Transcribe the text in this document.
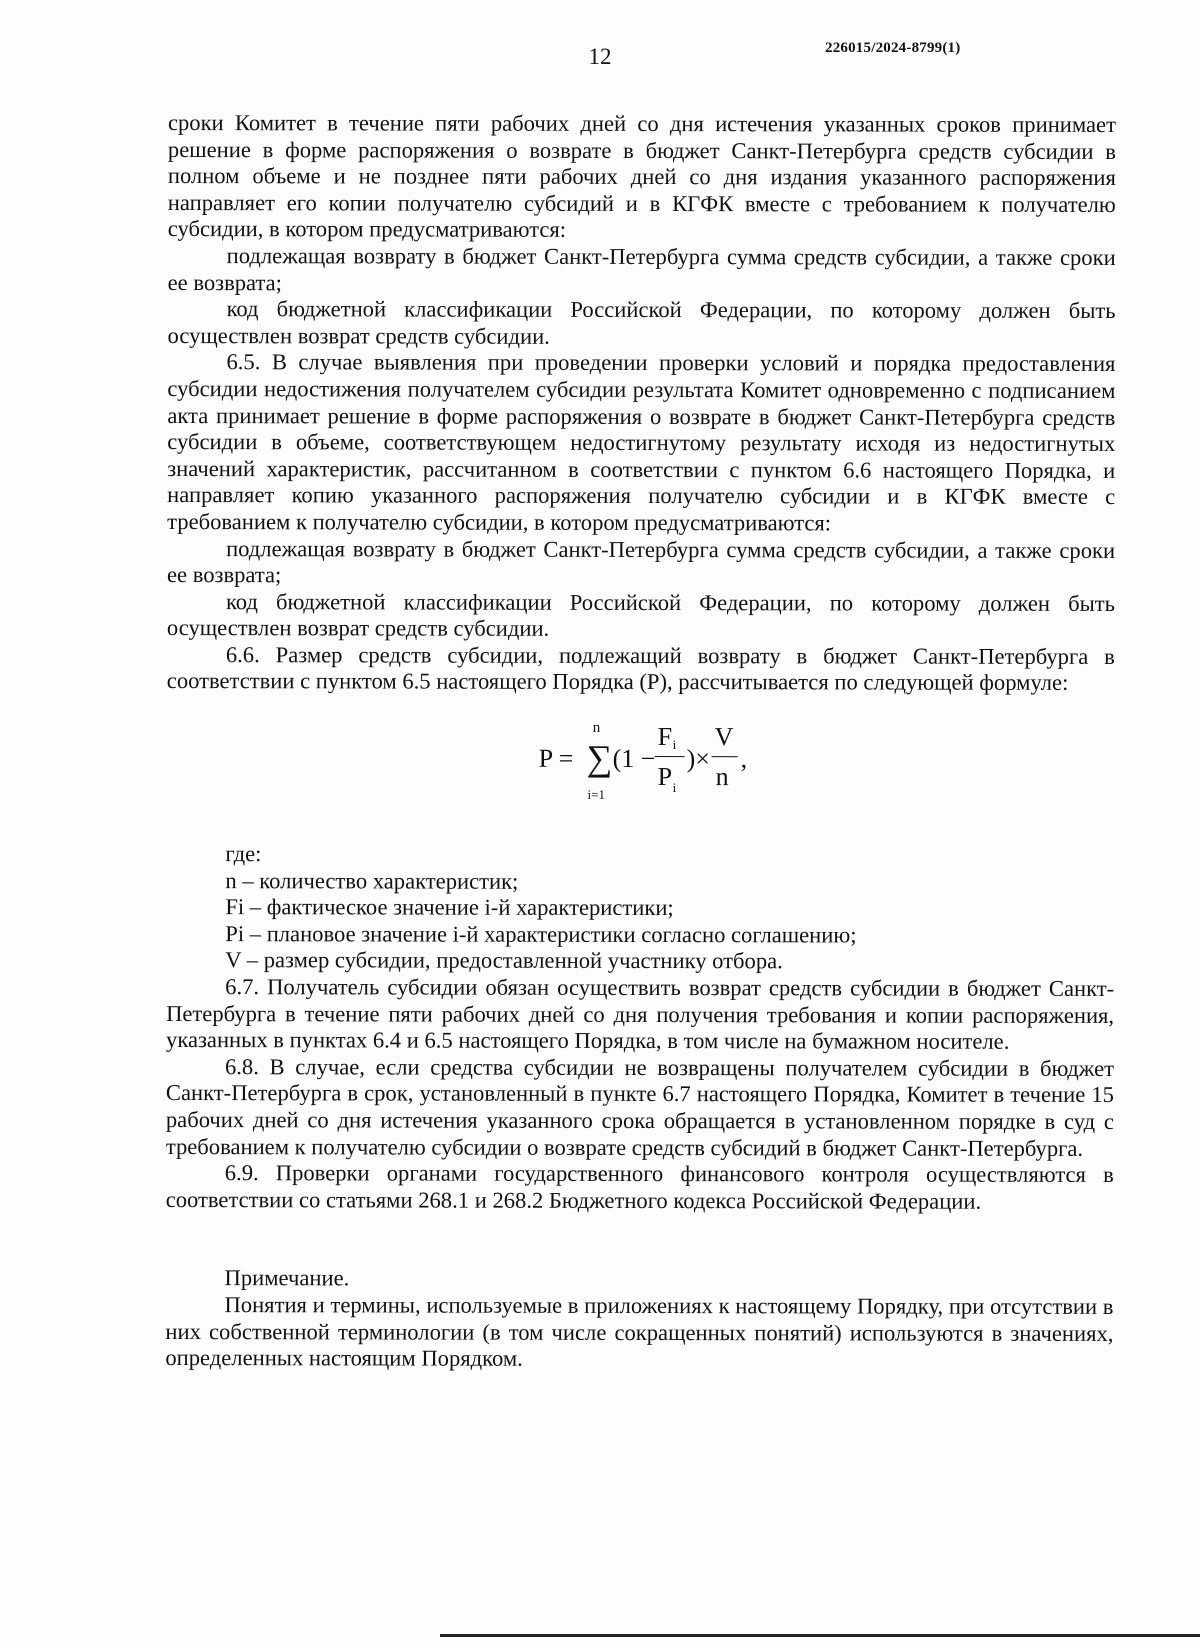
12	226015/2024-8799(1)

сроки Комитет в течение пяти рабочих дней со дня истечения указанных сроков принимает решение в форме распоряжения о возврате в бюджет Санкт-Петербурга средств субсидии в полном объеме и не позднее пяти рабочих дней со дня издания указанного распоряжения направляет его копии получателю субсидий и в КГФК вместе с требованием к получателю субсидии, в котором предусматриваются:

подлежащая возврату в бюджет Санкт-Петербурга сумма средств субсидии, а также сроки ее возврата;

код бюджетной классификации Российской Федерации, по которому должен быть осуществлен возврат средств субсидии.

6.5. В случае выявления при проведении проверки условий и порядка предоставления субсидии недостижения получателем субсидии результата Комитет одновременно с подписанием акта принимает решение в форме распоряжения о возврате в бюджет Санкт-Петербурга средств субсидии в объеме, соответствующем недостигнутому результату исходя из недостигнутых значений характеристик, рассчитанном в соответствии с пунктом 6.6 настоящего Порядка, и направляет копию указанного распоряжения получателю субсидии и в КГФК вместе с требованием к получателю субсидии, в котором предусматриваются:

подлежащая возврату в бюджет Санкт-Петербурга сумма средств субсидии, а также сроки ее возврата;

код бюджетной классификации Российской Федерации, по которому должен быть осуществлен возврат средств субсидии.

6.6. Размер средств субсидии, подлежащий возврату в бюджет Санкт-Петербурга в соответствии с пунктом 6.5 настоящего Порядка (Р), рассчитывается по следующей формуле:

P = ∑
n
i=1
(1 −
F i
P i
)×
V
n
,

где:

n – количество характеристик;

Fi – фактическое значение i-й характеристики;

Pi – плановое значение i-й характеристики согласно соглашению;

V – размер субсидии, предоставленной участнику отбора.

6.7. Получатель субсидии обязан осуществить возврат средств субсидии в бюджет Санкт-Петербурга в течение пяти рабочих дней со дня получения требования и копии распоряжения, указанных в пунктах 6.4 и 6.5 настоящего Порядка, в том числе на бумажном носителе.

6.8. В случае, если средства субсидии не возвращены получателем субсидии в бюджет Санкт-Петербурга в срок, установленный в пункте 6.7 настоящего Порядка, Комитет в течение 15 рабочих дней со дня истечения указанного срока обращается в установленном порядке в суд с требованием к получателю субсидии о возврате средств субсидий в бюджет Санкт-Петербурга.

6.9. Проверки органами государственного финансового контроля осуществляются в соответствии со статьями 268.1 и 268.2 Бюджетного кодекса Российской Федерации.

Примечание.

Понятия и термины, используемые в приложениях к настоящему Порядку, при отсутствии в них собственной терминологии (в том числе сокращенных понятий) используются в значениях, определенных настоящим Порядком.
